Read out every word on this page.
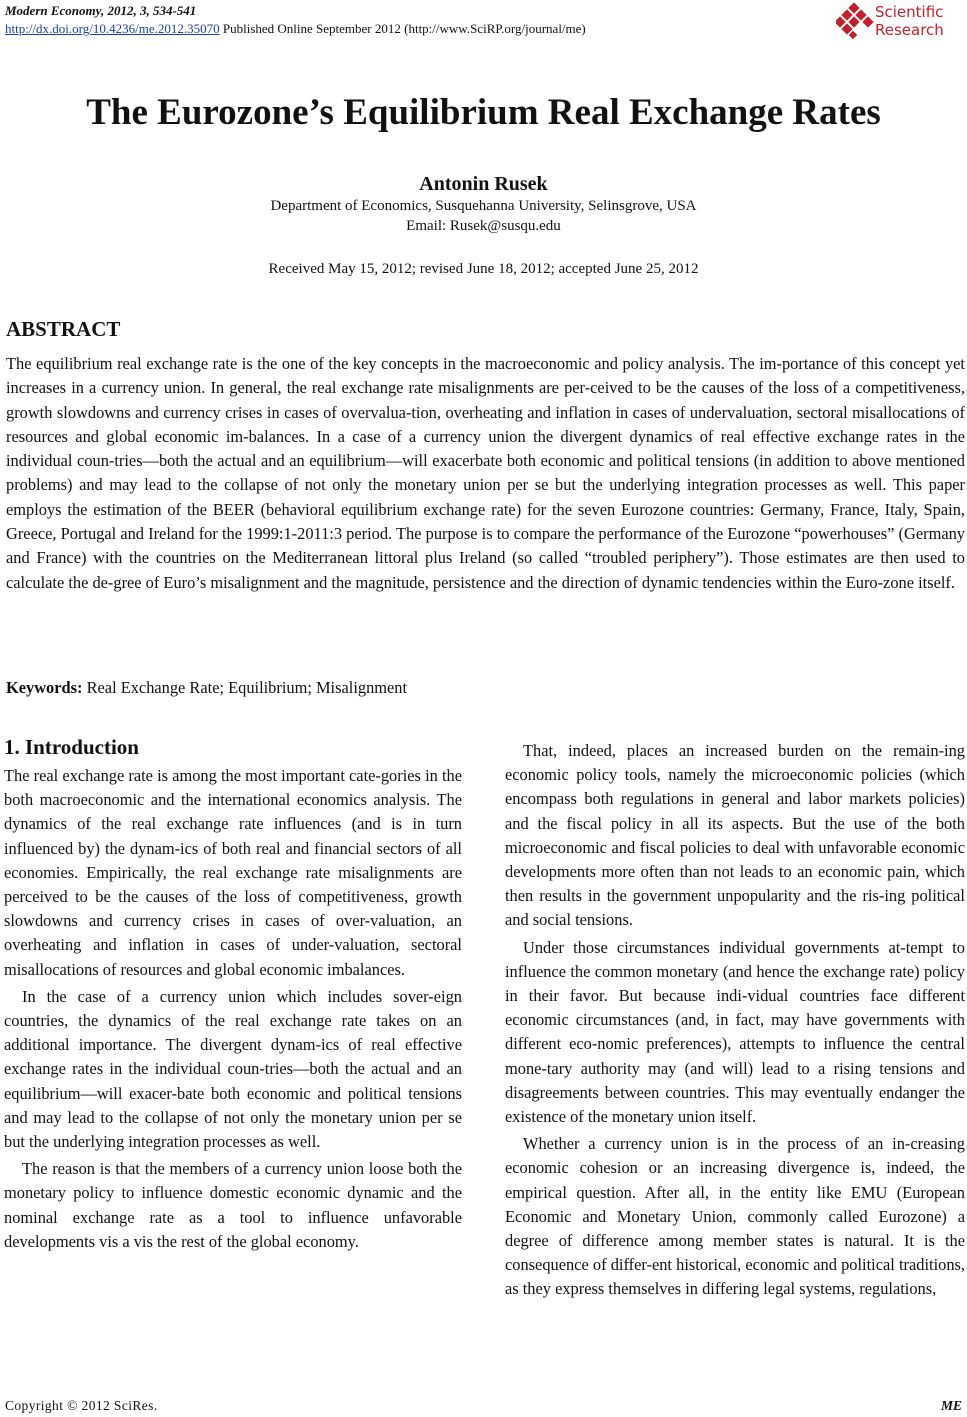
Modern Economy, 2012, 3, 534-541
http://dx.doi.org/10.4236/me.2012.35070 Published Online September 2012 (http://www.SciRP.org/journal/me)
Scientific
Research
The Eurozone’s Equilibrium Real Exchange Rates
Antonin Rusek
Department of Economics, Susquehanna University, Selinsgrove, USA
Email: Rusek@susqu.edu
Received May 15, 2012; revised June 18, 2012; accepted June 25, 2012
ABSTRACT

The equilibrium real exchange rate is the one of the key concepts in the macroeconomic and policy analysis. The im-portance of this concept yet increases in a currency union. In general, the real exchange rate misalignments are per-ceived to be the causes of the loss of a competitiveness, growth slowdowns and currency crises in cases of overvalua-tion, overheating and inflation in cases of undervaluation, sectoral misallocations of resources and global economic im-balances. In a case of a currency union the divergent dynamics of real effective exchange rates in the individual coun-tries—both the actual and an equilibrium—will exacerbate both economic and political tensions (in addition to above mentioned problems) and may lead to the collapse of not only the monetary union per se but the underlying integration processes as well. This paper employs the estimation of the BEER (behavioral equilibrium exchange rate) for the seven Eurozone countries: Germany, France, Italy, Spain, Greece, Portugal and Ireland for the 1999:1-2011:3 period. The purpose is to compare the performance of the Eurozone “powerhouses” (Germany and France) with the countries on the Mediterranean littoral plus Ireland (so called “troubled periphery”). Those estimates are then used to calculate the de-gree of Euro’s misalignment and the magnitude, persistence and the direction of dynamic tendencies within the Euro-zone itself.

Keywords: Real Exchange Rate; Equilibrium; Misalignment
1. Introduction

The real exchange rate is among the most important cate-gories in the both macroeconomic and the international economics analysis. The dynamics of the real exchange rate influences (and is in turn influenced by) the dynam-ics of both real and financial sectors of all economies. Empirically, the real exchange rate misalignments are perceived to be the causes of the loss of competitiveness, growth slowdowns and currency crises in cases of over-valuation, an overheating and inflation in cases of under-valuation, sectoral misallocations of resources and global economic imbalances.

In the case of a currency union which includes sover-eign countries, the dynamics of the real exchange rate takes on an additional importance. The divergent dynam-ics of real effective exchange rates in the individual coun-tries—both the actual and an equilibrium—will exacer-bate both economic and political tensions and may lead to the collapse of not only the monetary union per se but the underlying integration processes as well.

The reason is that the members of a currency union loose both the monetary policy to influence domestic economic dynamic and the nominal exchange rate as a tool to influence unfavorable developments vis a vis the rest of the global economy.

That, indeed, places an increased burden on the remain-ing economic policy tools, namely the microeconomic policies (which encompass both regulations in general and labor markets policies) and the fiscal policy in all its aspects. But the use of the both microeconomic and fiscal policies to deal with unfavorable economic developments more often than not leads to an economic pain, which then results in the government unpopularity and the ris-ing political and social tensions.

Under those circumstances individual governments at-tempt to influence the common monetary (and hence the exchange rate) policy in their favor. But because indi-vidual countries face different economic circumstances (and, in fact, may have governments with different eco-nomic preferences), attempts to influence the central mone-tary authority may (and will) lead to a rising tensions and disagreements between countries. This may eventually endanger the existence of the monetary union itself.

Whether a currency union is in the process of an in-creasing economic cohesion or an increasing divergence is, indeed, the empirical question. After all, in the entity like EMU (European Economic and Monetary Union, commonly called Eurozone) a degree of difference among member states is natural. It is the consequence of differ-ent historical, economic and political traditions, as they express themselves in differing legal systems, regulations,

Copyright © 2012 SciRes.	ME
